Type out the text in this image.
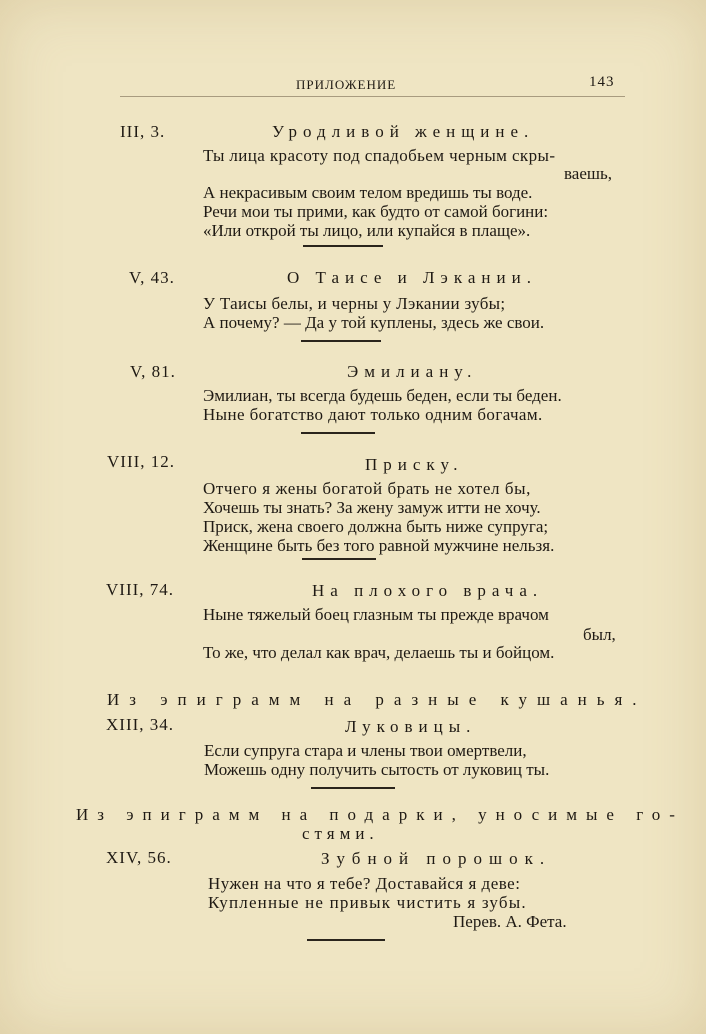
ПРИЛОЖЕНИЕ	143
III, 3.	Уродливой женщине.
Ты лица красоту под спадобьем черным скры-
ваешь,
А некрасивым своим телом вредишь ты воде.
Речи мои ты прими, как будто от самой богини:
«Или открой ты лицо, или купайся в плаще».
V, 43.	О Таисе и Лэкании.
У Таисы белы, и черны у Лэкании зубы;
А почему? — Да у той куплены, здесь же свои.
V, 81.	Эмилиану.
Эмилиан, ты всегда будешь беден, если ты беден.
Ныне богатство дают только одним богачам.
VIII, 12.	Приску.
Отчего я жены богатой брать не хотел бы,
Хочешь ты знать? За жену замуж итти не хочу.
Приск, жена своего должна быть ниже супруга;
Женщине быть без того равной мужчине нельзя.
VIII, 74.	На плохого врача.
Ныне тяжелый боец глазным ты прежде врачом
был,
То же, что делал как врач, делаешь ты и бойцом.
Из эпиграмм на разные кушанья.
XIII, 34.	Луковицы.
Если супруга стара и члены твои омертвели,
Можешь одну получить сытость от луковиц ты.
Из эпиграмм на подарки, уносимые го-
стями.
XIV, 56.	Зубной порошок.
Нужен на что я тебе? Доставайся я деве:
Купленные не привык чистить я зубы.
Перев. А. Фета.
